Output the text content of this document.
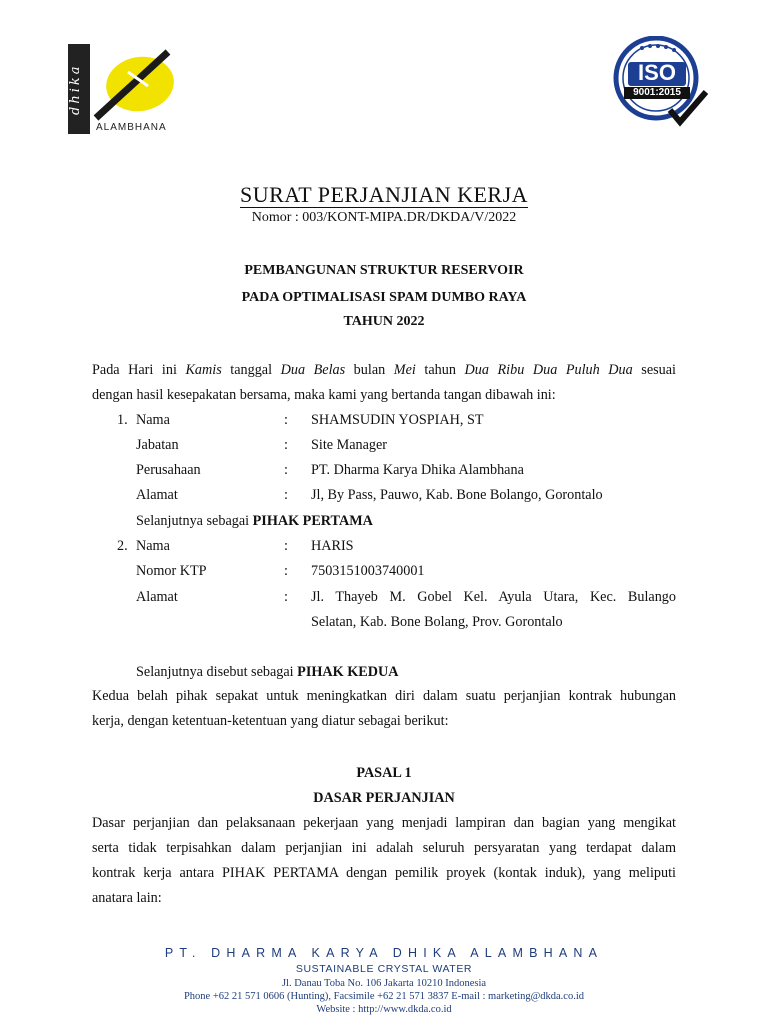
dhika
ALAMBHANA
ISO
9001:2015
SURAT PERJANJIAN KERJA
Nomor : 003/KONT-MIPA.DR/DKDA/V/2022
PEMBANGUNAN STRUKTUR RESERVOIR
PADA OPTIMALISASI SPAM DUMBO RAYA
TAHUN 2022
Pada Hari ini Kamis tanggal Dua Belas bulan Mei tahun Dua Ribu Dua Puluh Dua sesuai
dengan hasil kesepakatan bersama, maka kami yang bertanda tangan dibawah ini:
1. Nama	: SHAMSUDIN YOSPIAH, ST
Jabatan	: Site Manager
Perusahaan	: PT. Dharma Karya Dhika Alambhana
Alamat	: Jl, By Pass, Pauwo, Kab. Bone Bolango, Gorontalo
Selanjutnya sebagai PIHAK PERTAMA
2. Nama	: HARIS
Nomor KTP	: 7503151003740001
Alamat	: Jl. Thayeb M. Gobel Kel. Ayula Utara, Kec. Bulango
Selatan, Kab. Bone Bolang, Prov. Gorontalo
Selanjutnya disebut sebagai PIHAK KEDUA
Kedua belah pihak sepakat untuk meningkatkan diri dalam suatu perjanjian kontrak hubungan
kerja, dengan ketentuan-ketentuan yang diatur sebagai berikut:
PASAL 1
DASAR PERJANJIAN
Dasar perjanjian dan pelaksanaan pekerjaan yang menjadi lampiran dan bagian yang mengikat
serta tidak terpisahkan dalam perjanjian ini adalah seluruh persyaratan yang terdapat dalam
kontrak kerja antara PIHAK PERTAMA dengan pemilik proyek (kontak induk), yang meliputi
anatara lain:
PT. DHARMA KARYA DHIKA ALAMBHANA
SUSTAINABLE CRYSTAL WATER
Jl. Danau Toba No. 106 Jakarta 10210 Indonesia
Phone +62 21 571 0606 (Hunting), Facsimile +62 21 571 3837 E-mail : marketing@dkda.co.id
Website : http://www.dkda.co.id
